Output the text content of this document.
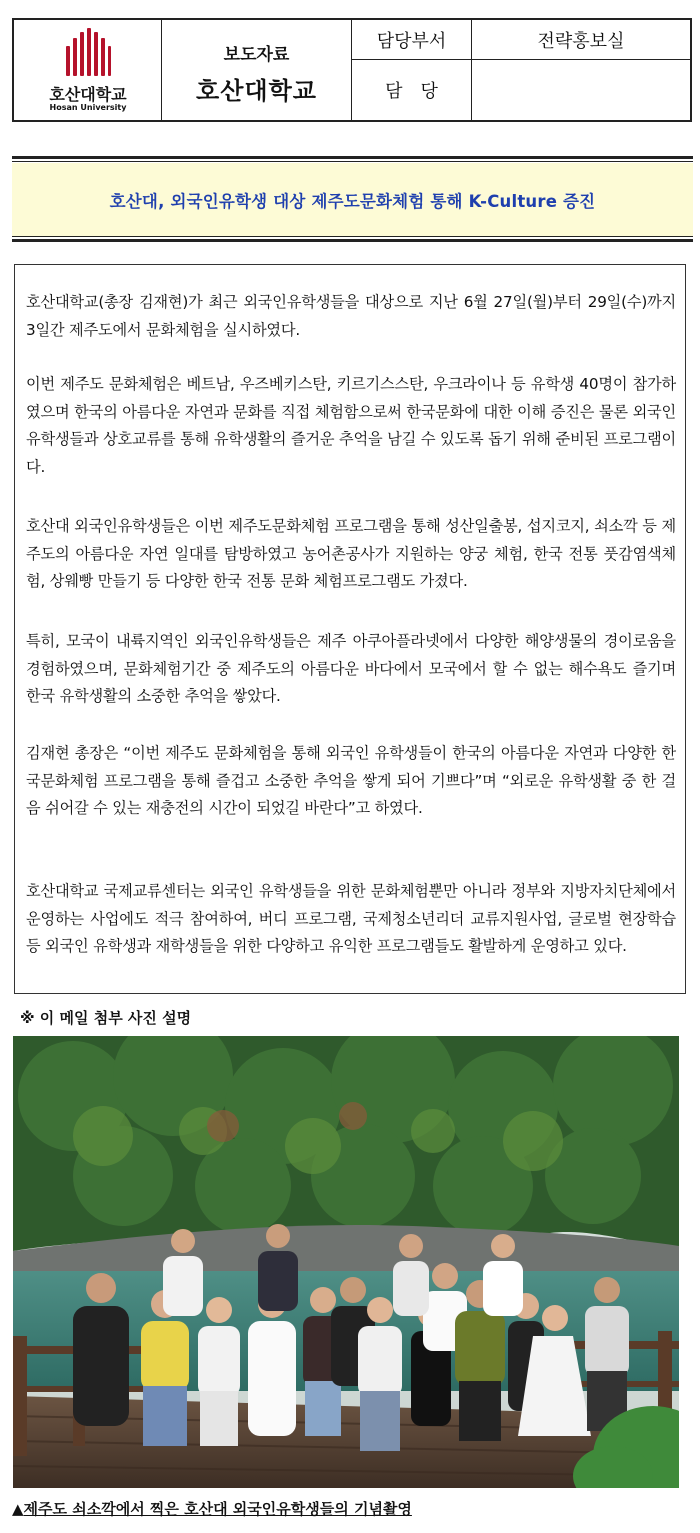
호산대학교
Hosan University
보도자료
호산대학교
담당부서	전략홍보실
담당
호산대, 외국인유학생 대상 제주도문화체험 통해 K-Culture 증진
호산대학교(총장 김재현)가 최근 외국인유학생들을 대상으로 지난 6월 27일(월)부터 29일(수)까지 3일간 제주도에서 문화체험을 실시하였다.
이번 제주도 문화체험은 베트남, 우즈베키스탄, 키르기스스탄, 우크라이나 등 유학생 40명이 참가하였으며 한국의 아름다운 자연과 문화를 직접 체험함으로써 한국문화에 대한 이해 증진은 물론 외국인유학생들과 상호교류를 통해 유학생활의 즐거운 추억을 남길 수 있도록 돕기 위해 준비된 프로그램이다.
호산대 외국인유학생들은 이번 제주도문화체험 프로그램을 통해 성산일출봉, 섭지코지, 쇠소깍 등 제주도의 아름다운 자연 일대를 탐방하였고 농어촌공사가 지원하는 양궁 체험, 한국 전통 풋감염색체험, 상웨빵 만들기 등 다양한 한국 전통 문화 체험프로그램도 가졌다.
특히, 모국이 내륙지역인 외국인유학생들은 제주 아쿠아플라넷에서 다양한 해양생물의 경이로움을 경험하였으며, 문화체험기간 중 제주도의 아름다운 바다에서 모국에서 할 수 없는 해수욕도 즐기며 한국 유학생활의 소중한 추억을 쌓았다.
김재현 총장은 “이번 제주도 문화체험을 통해 외국인 유학생들이 한국의 아름다운 자연과 다양한 한국문화체험 프로그램을 통해 즐겁고 소중한 추억을 쌓게 되어 기쁘다”며 “외로운 유학생활 중 한 걸음 쉬어갈 수 있는 재충전의 시간이 되었길 바란다”고 하였다.
호산대학교 국제교류센터는 외국인 유학생들을 위한 문화체험뿐만 아니라 정부와 지방자치단체에서 운영하는 사업에도 적극 참여하여, 버디 프로그램, 국제청소년리더 교류지원사업, 글로벌 현장학습 등 외국인 유학생과 재학생들을 위한 다양하고 유익한 프로그램들도 활발하게 운영하고 있다.
※ 이 메일 첨부 사진 설명
▲제주도 쇠소깍에서 찍은 호산대 외국인유학생들의 기념촬영
